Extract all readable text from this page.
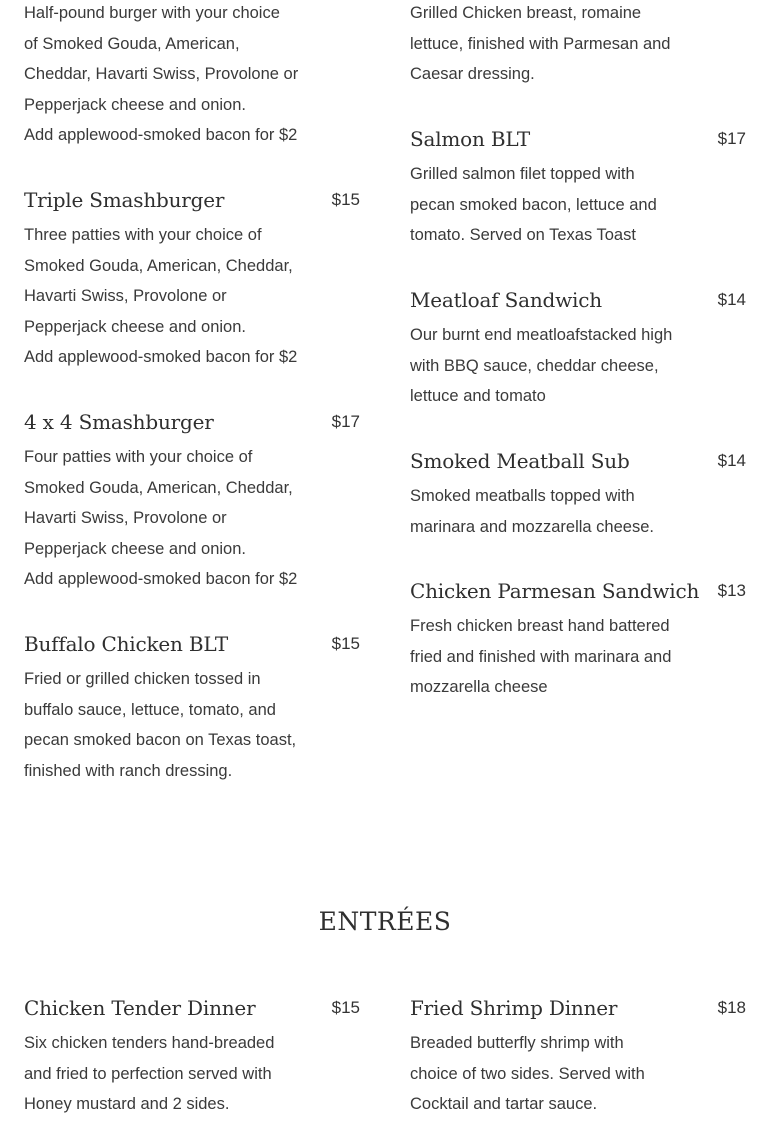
Half-pound burger with your choice
of Smoked Gouda, American,
Cheddar, Havarti Swiss, Provolone or
Pepperjack cheese and onion.
Add applewood-smoked bacon for $2
Triple Smashburger	$15
Three patties with your choice of
Smoked Gouda, American, Cheddar,
Havarti Swiss, Provolone or
Pepperjack cheese and onion.
Add applewood-smoked bacon for $2
4 x 4 Smashburger	$17
Four patties with your choice of
Smoked Gouda, American, Cheddar,
Havarti Swiss, Provolone or
Pepperjack cheese and onion.
Add applewood-smoked bacon for $2
Buffalo Chicken BLT	$15
Fried or grilled chicken tossed in
buffalo sauce, lettuce, tomato, and
pecan smoked bacon on Texas toast,
finished with ranch dressing.
Grilled Chicken breast, romaine
lettuce, finished with Parmesan and
Caesar dressing.
Salmon BLT	$17
Grilled salmon filet topped with
pecan smoked bacon, lettuce and
tomato. Served on Texas Toast
Meatloaf Sandwich	$14
Our burnt end meatloafstacked high
with BBQ sauce, cheddar cheese,
lettuce and tomato
Smoked Meatball Sub	$14
Smoked meatballs topped with
marinara and mozzarella cheese.
Chicken Parmesan Sandwich $13
Fresh chicken breast hand battered
fried and finished with marinara and
mozzarella cheese
ENTRÉES
Chicken Tender Dinner	$15
Six chicken tenders hand-breaded
and fried to perfection served with
Honey mustard and 2 sides.
Fried Shrimp Dinner	$18
Breaded butterfly shrimp with
choice of two sides. Served with
Cocktail and tartar sauce.
